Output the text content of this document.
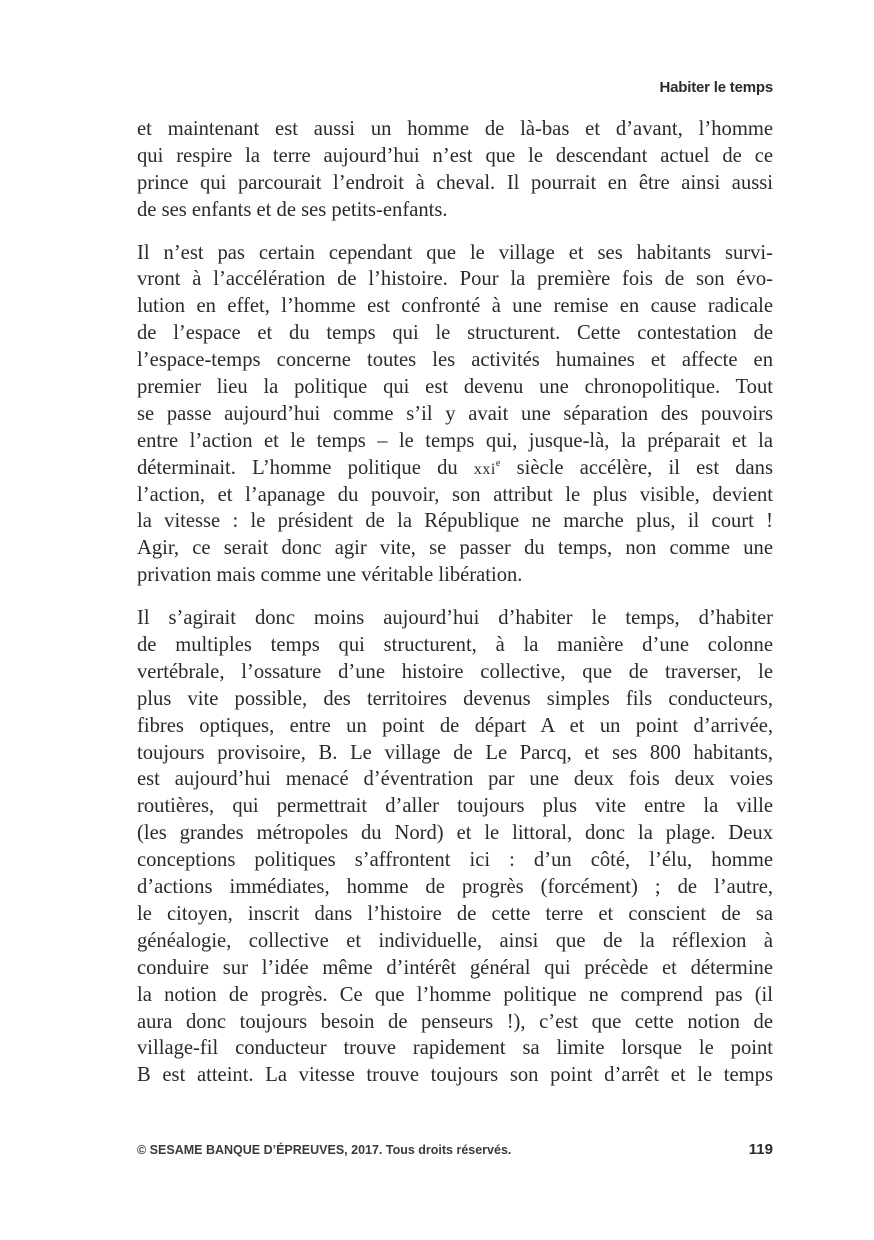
Habiter le temps
et maintenant est aussi un homme de là-bas et d’avant, l’homme
qui respire la terre aujourd’hui n’est que le descendant actuel de ce
prince qui parcourait l’endroit à cheval. Il pourrait en être ainsi aussi
de ses enfants et de ses petits-enfants.
Il n’est pas certain cependant que le village et ses habitants survi-
vront à l’accélération de l’histoire. Pour la première fois de son évo-
lution en effet, l’homme est confronté à une remise en cause radicale
de l’espace et du temps qui le structurent. Cette contestation de
l’espace-temps concerne toutes les activités humaines et affecte en
premier lieu la politique qui est devenu une chronopolitique. Tout
se passe aujourd’hui comme s’il y avait une séparation des pouvoirs
entre l’action et le temps – le temps qui, jusque-là, la préparait et la
déterminait. L’homme politique du xxi$^e$ siècle accélère, il est dans
l’action, et l’apanage du pouvoir, son attribut le plus visible, devient
la vitesse : le président de la République ne marche plus, il court !
Agir, ce serait donc agir vite, se passer du temps, non comme une
privation mais comme une véritable libération.
Il s’agirait donc moins aujourd’hui d’habiter le temps, d’habiter
de multiples temps qui structurent, à la manière d’une colonne
vertébrale, l’ossature d’une histoire collective, que de traverser, le
plus vite possible, des territoires devenus simples fils conducteurs,
fibres optiques, entre un point de départ A et un point d’arrivée,
toujours provisoire, B. Le village de Le Parcq, et ses 800 habitants,
est aujourd’hui menacé d’éventration par une deux fois deux voies
routières, qui permettrait d’aller toujours plus vite entre la ville
(les grandes métropoles du Nord) et le littoral, donc la plage. Deux
conceptions politiques s’affrontent ici : d’un côté, l’élu, homme
d’actions immédiates, homme de progrès (forcément) ; de l’autre,
le citoyen, inscrit dans l’histoire de cette terre et conscient de sa
généalogie, collective et individuelle, ainsi que de la réflexion à
conduire sur l’idée même d’intérêt général qui précède et détermine
la notion de progrès. Ce que l’homme politique ne comprend pas (il
aura donc toujours besoin de penseurs !), c’est que cette notion de
village-fil conducteur trouve rapidement sa limite lorsque le point
B est atteint. La vitesse trouve toujours son point d’arrêt et le temps
© SESAME BANQUE D’ÉPREUVES, 2017. Tous droits réservés.	119
